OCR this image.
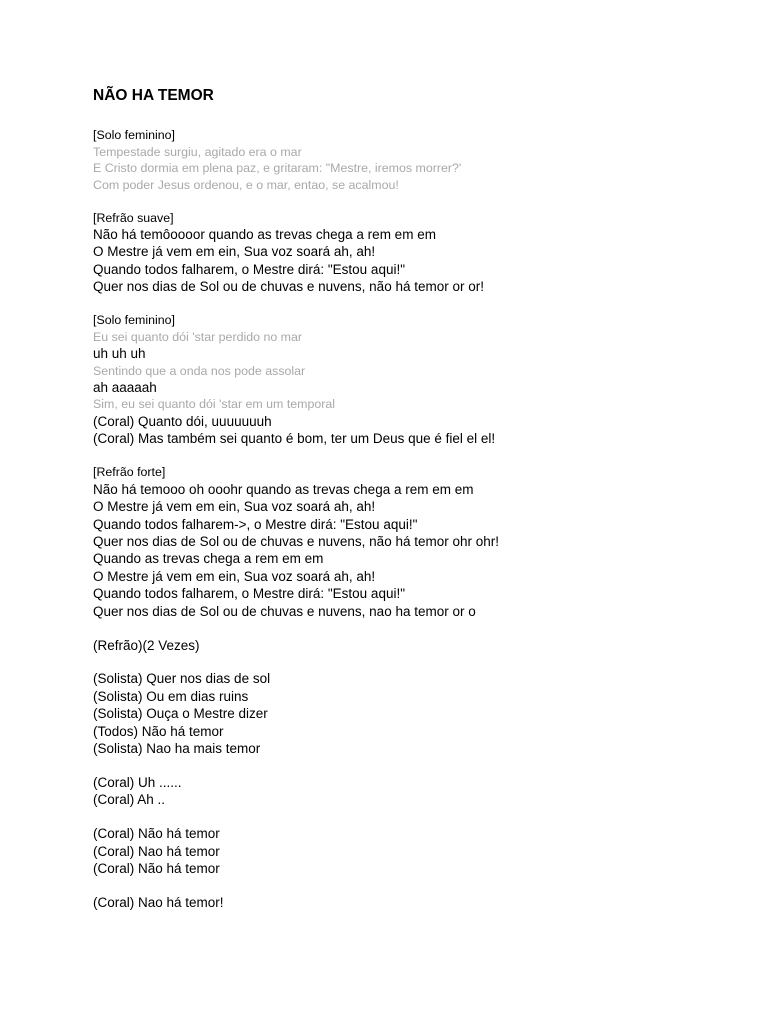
NÃO HA TEMOR
[Solo feminino]
Tempestade surgiu, agitado era o mar
E Cristo dormia em plena paz, e gritaram: "Mestre, iremos morrer?'
Com poder Jesus ordenou, e o mar, entao, se acalmou!
[Refrão suave]
Não há temôoooor quando as trevas chega a rem em em
O Mestre já vem em ein, Sua voz soará ah, ah!
Quando todos falharem, o Mestre dirá: "Estou aqui!"
Quer nos dias de Sol ou de chuvas e nuvens, não há temor or or!
[Solo feminino]
Eu sei quanto dói 'star perdido no mar
uh uh uh
Sentindo que a onda nos pode assolar
ah aaaaah
Sim, eu sei quanto dói 'star em um temporal
(Coral) Quanto dói, uuuuuuuh
(Coral) Mas também sei quanto é bom, ter um Deus que é fiel el el!
[Refrão forte]
Não há temooo oh ooohr quando as trevas chega a rem em em
O Mestre já vem em ein, Sua voz soará ah, ah!
Quando todos falharem->, o Mestre dirá: "Estou aqui!"
Quer nos dias de Sol ou de chuvas e nuvens, não há temor ohr ohr!
Quando as trevas chega a rem em em
O Mestre já vem em ein, Sua voz soará ah, ah!
Quando todos falharem, o Mestre dirá: "Estou aqui!"
Quer nos dias de Sol ou de chuvas e nuvens, nao ha temor or o
(Refrão)(2 Vezes)
(Solista) Quer nos dias de sol
(Solista) Ou em dias ruins
(Solista) Ouça o Mestre dizer
(Todos) Não há temor
(Solista) Nao ha mais temor
(Coral) Uh ......
(Coral) Ah ..
(Coral) Não há temor
(Coral) Nao há temor
(Coral) Não há temor
(Coral) Nao há temor!
